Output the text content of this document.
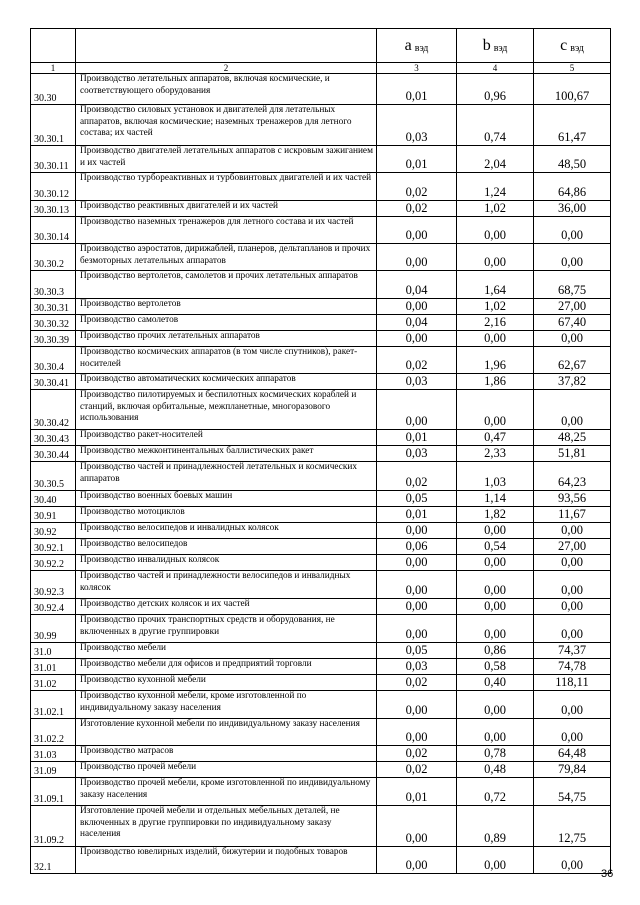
		a $_{вэд}$	b $_{вэд}$	c $_{вэд}$
1	2	3	4	5
30.30	Производство летательных аппаратов, включая космические, и соответствующего оборудования	0,01	0,96	100,67
30.30.1	Производство силовых установок и двигателей для летательных аппаратов, включая космические; наземных тренажеров для летного состава; их частей	0,03	0,74	61,47
30.30.11	Производство двигателей летательных аппаратов с искровым зажиганием и их частей	0,01	2,04	48,50
30.30.12	Производство турбореактивных и турбовинтовых двигателей и их частей	0,02	1,24	64,86
30.30.13	Производство реактивных двигателей и их частей	0,02	1,02	36,00
30.30.14	Производство наземных тренажеров для летного состава и их частей	0,00	0,00	0,00
30.30.2	Производство аэростатов, дирижаблей, планеров, дельтапланов и прочих безмоторных летательных аппаратов	0,00	0,00	0,00
30.30.3	Производство вертолетов, самолетов и прочих летательных аппаратов	0,04	1,64	68,75
30.30.31	Производство вертолетов	0,00	1,02	27,00
30.30.32	Производство самолетов	0,04	2,16	67,40
30.30.39	Производство прочих летательных аппаратов	0,00	0,00	0,00
30.30.4	Производство космических аппаратов (в том числе спутников), ракет-носителей	0,02	1,96	62,67
30.30.41	Производство автоматических космических аппаратов	0,03	1,86	37,82
30.30.42	Производство пилотируемых и беспилотных космических кораблей и станций, включая орбитальные, межпланетные, многоразового использования	0,00	0,00	0,00
30.30.43	Производство ракет-носителей	0,01	0,47	48,25
30.30.44	Производство межконтинентальных баллистических ракет	0,03	2,33	51,81
30.30.5	Производство частей и принадлежностей летательных и космических аппаратов	0,02	1,03	64,23
30.40	Производство военных боевых машин	0,05	1,14	93,56
30.91	Производство мотоциклов	0,01	1,82	11,67
30.92	Производство велосипедов и инвалидных колясок	0,00	0,00	0,00
30.92.1	Производство велосипедов	0,06	0,54	27,00
30.92.2	Производство инвалидных колясок	0,00	0,00	0,00
30.92.3	Производство частей и принадлежности велосипедов и инвалидных колясок	0,00	0,00	0,00
30.92.4	Производство детских колясок и их частей	0,00	0,00	0,00
30.99	Производство прочих транспортных средств и оборудования, не включенных в другие группировки	0,00	0,00	0,00
31.0	Производство мебели	0,05	0,86	74,37
31.01	Производство мебели для офисов и предприятий торговли	0,03	0,58	74,78
31.02	Производство кухонной мебели	0,02	0,40	118,11
31.02.1	Производство кухонной мебели, кроме изготовленной по индивидуальному заказу населения	0,00	0,00	0,00
31.02.2	Изготовление кухонной мебели по индивидуальному заказу населения	0,00	0,00	0,00
31.03	Производство матрасов	0,02	0,78	64,48
31.09	Производство прочей мебели	0,02	0,48	79,84
31.09.1	Производство прочей мебели, кроме изготовленной по индивидуальному заказу населения	0,01	0,72	54,75
31.09.2	Изготовление прочей мебели и отдельных мебельных деталей, не включенных в другие группировки по индивидуальному заказу населения	0,00	0,89	12,75
32.1	Производство ювелирных изделий, бижутерии и подобных товаров	0,00	0,00	0,00
36
